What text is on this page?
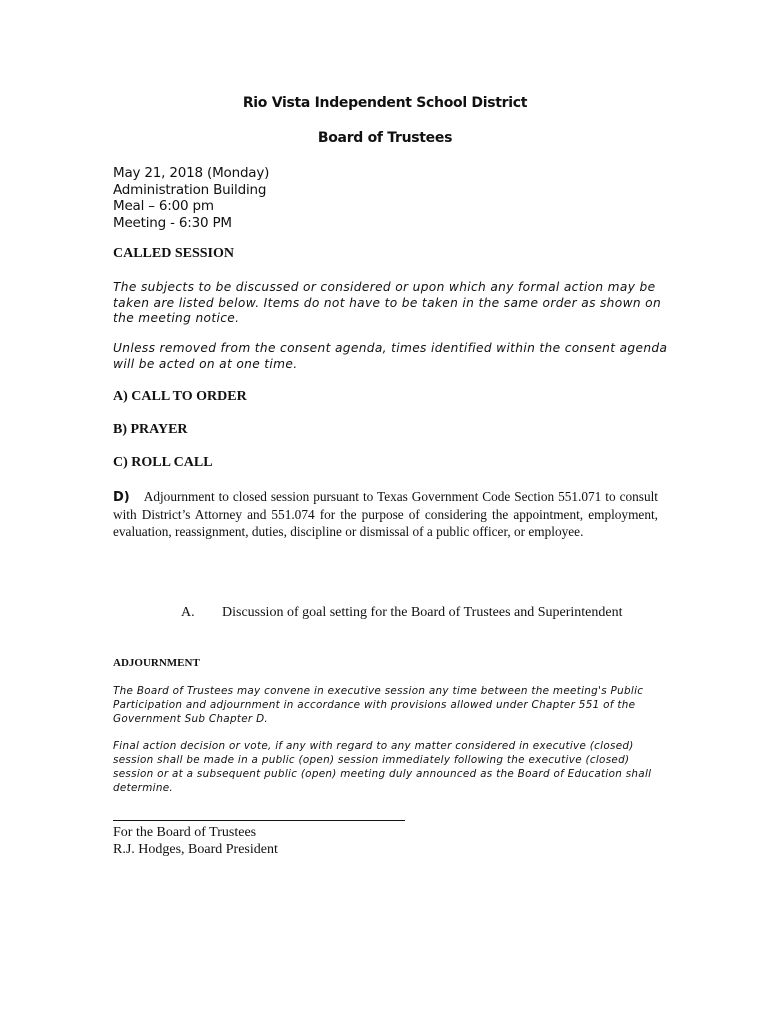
Rio Vista Independent School District
Board of Trustees
May 21, 2018 (Monday)
Administration Building
Meal – 6:00 pm
Meeting - 6:30 PM
CALLED SESSION
The subjects to be discussed or considered or upon which any formal action may be taken are listed below. Items do not have to be taken in the same order as shown on the meeting notice.
Unless removed from the consent agenda, times identified within the consent agenda will be acted on at one time.
A) CALL TO ORDER
B) PRAYER
C) ROLL CALL
D) Adjournment to closed session pursuant to Texas Government Code Section 551.071 to consult with District’s Attorney and 551.074 for the purpose of considering the appointment, employment, evaluation, reassignment, duties, discipline or dismissal of a public officer, or employee.
A. Discussion of goal setting for the Board of Trustees and Superintendent
ADJOURNMENT
The Board of Trustees may convene in executive session any time between the meeting's Public Participation and adjournment in accordance with provisions allowed under Chapter 551 of the Government Sub Chapter D.
Final action decision or vote, if any with regard to any matter considered in executive (closed) session shall be made in a public (open) session immediately following the executive (closed) session or at a subsequent public (open) meeting duly announced as the Board of Education shall determine.
For the Board of Trustees
R.J. Hodges, Board President
